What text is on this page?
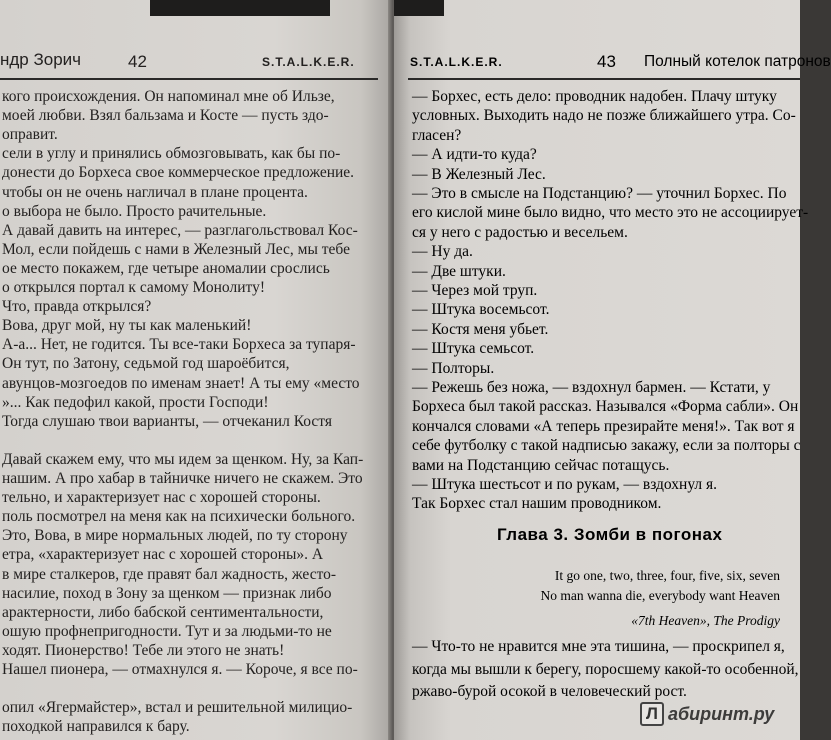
ндр Зорич	42	S.T.A.L.K.E.R.
кого происхождения. Он напоминал мне об Ильзе,
моей любви. Взял бальзама и Косте — пусть здо-
оправит.
сели в углу и принялись обмозговывать, как бы по-
донести до Борхеса свое коммерческое предложение.
чтобы он не очень нагличал в плане процента.
о выбора не было. Просто рачительные.
А давай давить на интерес, — разглагольствовал Кос-
Мол, если пойдешь с нами в Железный Лес, мы тебе
ое место покажем, где четыре аномалии срослись
о открылся портал к самому Монолиту!
Что, правда открылся?
Вова, друг мой, ну ты как маленький!
А-а... Нет, не годится. Ты все-таки Борхеса за тупаря-
Он тут, по Затону, седьмой год шароёбится,
авунцов-мозгоедов по именам знает! А ты ему «место
»... Как педофил какой, прости Господи!
Тогда слушаю твои варианты, — отчеканил Костя
Давай скажем ему, что мы идем за щенком. Ну, за Кап-
нашим. А про хабар в тайничке ничего не скажем. Это
тельно, и характеризует нас с хорошей стороны.
поль посмотрел на меня как на психически больного.
Это, Вова, в мире нормальных людей, по ту сторону
етра, «характеризует нас с хорошей стороны». А
в мире сталкеров, где правят бал жадность, жесто-
насилие, поход в Зону за щенком — признак либо
арактерности, либо бабской сентиментальности,
ошую профнепригодности. Тут и за людьми-то не
ходят. Пионерство! Тебе ли этого не знать!
Нашел пионера, — отмахнулся я. — Короче, я все по-
опил «Ягермайстер», встал и решительной милицио-
походкой направился к бару.
S.T.A.L.K.E.R.	43 Полный котелок патронов
— Борхес, есть дело: проводник надобен. Плачу штуку
условных. Выходить надо не позже ближайшего утра. Со-
гласен?
— А идти-то куда?
— В Железный Лес.
— Это в смысле на Подстанцию? — уточнил Борхес. По
его кислой мине было видно, что место это не ассоциирует-
ся у него с радостью и весельем.
— Ну да.
— Две штуки.
— Через мой труп.
— Штука восемьсот.
— Костя меня убьет.
— Штука семьсот.
— Полторы.
— Режешь без ножа, — вздохнул бармен. — Кстати, у
Борхеса был такой рассказ. Назывался «Форма сабли». Он
кончался словами «А теперь презирайте меня!». Так вот я
себе футболку с такой надписью закажу, если за полторы с
вами на Подстанцию сейчас потащусь.
— Штука шестьсот и по рукам, — вздохнул я.
Так Борхес стал нашим проводником.
Глава 3. Зомби в погонах
It go one, two, three, four, five, six, seven
No man wanna die, everybody want Heaven
«7th Heaven», The Prodigy
— Что-то не нравится мне эта тишина, — проскрипел я,
когда мы вышли к берегу, поросшему какой-то особенной,
ржаво-бурой осокой в человеческий рост.
Л абиринт.ру
